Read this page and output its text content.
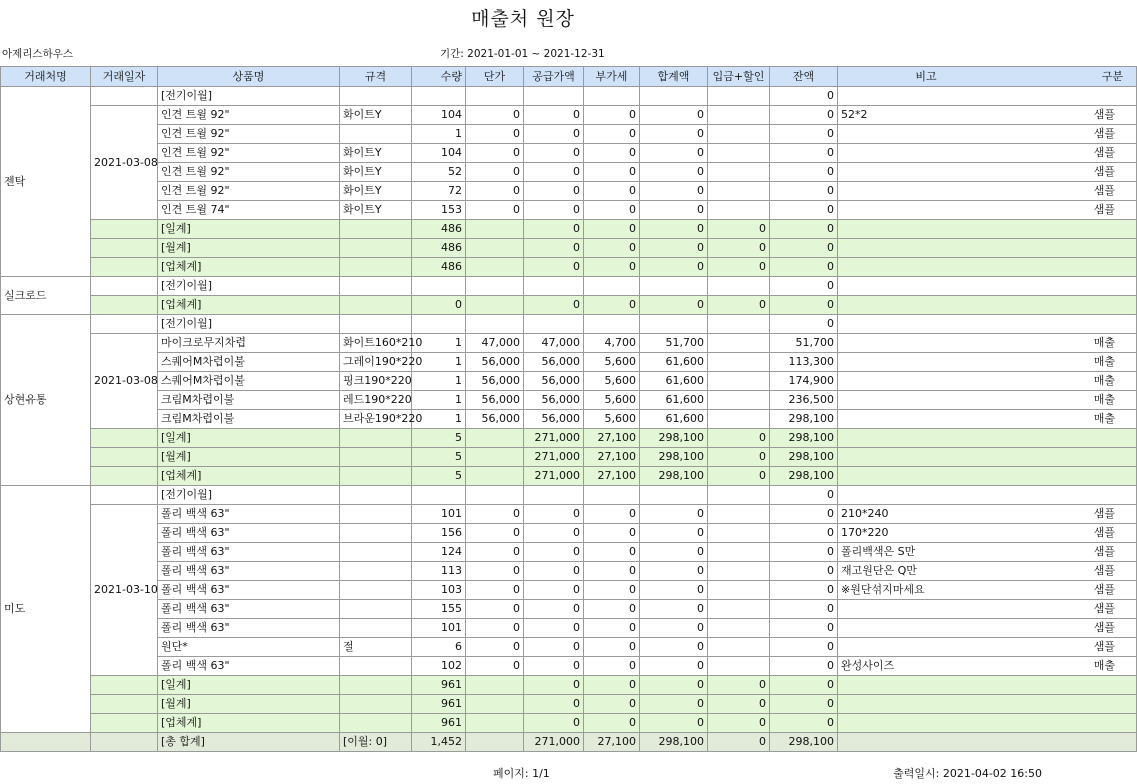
매출처 원장
아제리스하우스	기간: 2021-01-01 ~ 2021-12-31
거래처명	거래일자	상품명	규격	수량	단가	공급가액	부가세	합계액	입금+할인	잔액	비고 구분

젠탁		[전기이월]								0	

	2021-03-08	인견 트윌 92"	화이트Y	104	0	0	0	0		0	52*2 샘플

		인견 트윌 92"		1	0	0	0	0		0	샘플

		인견 트윌 92"	화이트Y	104	0	0	0	0		0	샘플

		인견 트윌 92"	화이트Y	52	0	0	0	0		0	샘플

		인견 트윌 92"	화이트Y	72	0	0	0	0		0	샘플

		인견 트윌 74"	화이트Y	153	0	0	0	0		0	샘플

		[일계]		486		0	0	0	0	0	
		[월계]		486		0	0	0	0	0	
		[업체계]		486		0	0	0	0	0	
실크로드		[전기이월]								0	

		[업체계]		0		0	0	0	0	0	
상현유통		[전기이월]								0	

	2021-03-08	마이크로무지차렵	화이트160*210	1	47,000	47,000	4,700	51,700		51,700	매출

		스퀘어M차렵이불	그레이190*220	1	56,000	56,000	5,600	61,600		113,300	매출

		스퀘어M차렵이불	핑크190*220	1	56,000	56,000	5,600	61,600		174,900	매출

		크림M차렵이불	레드190*220	1	56,000	56,000	5,600	61,600		236,500	매출

		크림M차렵이불	브라운190*220	1	56,000	56,000	5,600	61,600		298,100	매출

		[일계]		5		271,000	27,100	298,100	0	298,100	
		[월계]		5		271,000	27,100	298,100	0	298,100	
		[업체계]		5		271,000	27,100	298,100	0	298,100	
미도		[전기이월]								0	

	2021-03-10	폴리 백색 63"		101	0	0	0	0		0	210*240 샘플

		폴리 백색 63"		156	0	0	0	0		0	170*220 샘플

		폴리 백색 63"		124	0	0	0	0		0	폴리백색은 S만 샘플

		폴리 백색 63"		113	0	0	0	0		0	재고원단은 Q만 샘플

		폴리 백색 63"		103	0	0	0	0		0	※원단섞지마세요 샘플

		폴리 백색 63"		155	0	0	0	0		0	샘플

		폴리 백색 63"		101	0	0	0	0		0	샘플

		원단*	절	6	0	0	0	0		0	샘플

		폴리 백색 63"		102	0	0	0	0		0	완성사이즈 매출

		[일계]		961		0	0	0	0	0	
		[월계]		961		0	0	0	0	0	
		[업체계]		961		0	0	0	0	0	
		[총 합계]	[이월: 0]	1,452		271,000	27,100	298,100	0	298,100	
페이지: 1/1	출력일시: 2021-04-02 16:50
